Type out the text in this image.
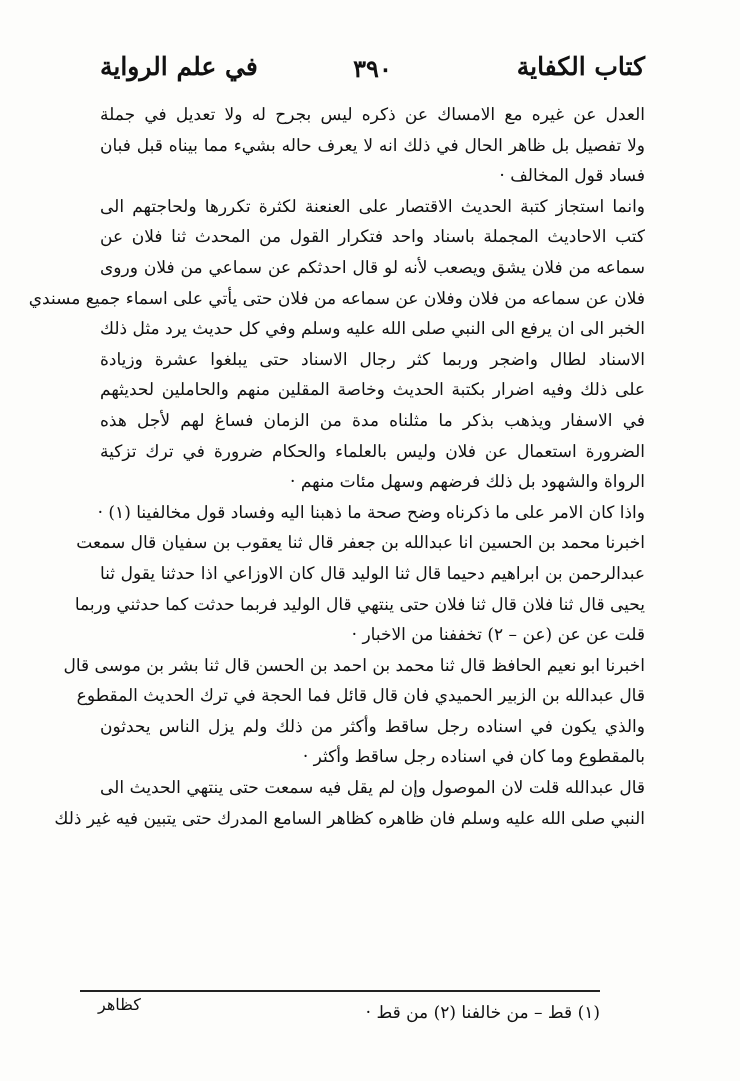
كتاب الكفاية
٣٩٠
في علم الرواية
العدل عن غيره مع الامساك عن ذكره ليس بجرح له ولا تعديل في جملة
ولا تفصيل بل ظاهر الحال في ذلك انه لا يعرف حاله بشيء مما بيناه قبل فبان
فساد قول المخالف ·
وانما استجاز كتبة الحديث الاقتصار على العنعنة لكثرة تكررها ولحاجتهم الى
كتب الاحاديث المجملة باسناد واحد فتكرار القول من المحدث ثنا فلان عن
سماعه من فلان يشق ويصعب لأنه لو قال احدثكم عن سماعي من فلان وروى
فلان عن سماعه من فلان وفلان عن سماعه من فلان حتى يأتي على اسماء جميع مسندي
الخبر الى ان يرفع الى النبي صلى الله عليه وسلم وفي كل حديث يرد مثل ذلك
الاسناد لطال واضجر وربما كثر رجال الاسناد حتى يبلغوا عشرة وزيادة
على ذلك وفيه اضرار بكتبة الحديث وخاصة المقلين منهم والحاملين لحديثهم
في الاسفار ويذهب بذكر ما مثلناه مدة من الزمان فساغ لهم لأجل هذه
الضرورة استعمال عن فلان وليس بالعلماء والحكام ضرورة في ترك تزكية
الرواة والشهود بل ذلك فرضهم وسهل مئات منهم ·
واذا كان الامر على ما ذكرناه وضح صحة ما ذهبنا اليه وفساد قول مخالفينا (١) ·
اخبرنا محمد بن الحسين انا عبدالله بن جعفر قال ثنا يعقوب بن سفيان قال سمعت
عبدالرحمن بن ابراهيم دحيما قال ثنا الوليد قال كان الاوزاعي اذا حدثنا يقول ثنا
يحيى قال ثنا فلان قال ثنا فلان حتى ينتهي قال الوليد فربما حدثت كما حدثني وربما
قلت عن عن (عن – ٢) تخففنا من الاخبار ·
اخبرنا ابو نعيم الحافظ قال ثنا محمد بن احمد بن الحسن قال ثنا بشر بن موسى قال
قال عبدالله بن الزبير الحميدي فان قال قائل فما الحجة في ترك الحديث المقطوع
والذي يكون في اسناده رجل ساقط وأكثر من ذلك ولم يزل الناس يحدثون
بالمقطوع وما كان في اسناده رجل ساقط وأكثر ·
قال عبدالله قلت لان الموصول وإن لم يقل فيه سمعت حتى ينتهي الحديث الى
النبي صلى الله عليه وسلم فان ظاهره كظاهر السامع المدرك حتى يتبين فيه غير ذلك
(١) قط – من خالفنا (٢) من قط ·
كظاهر
